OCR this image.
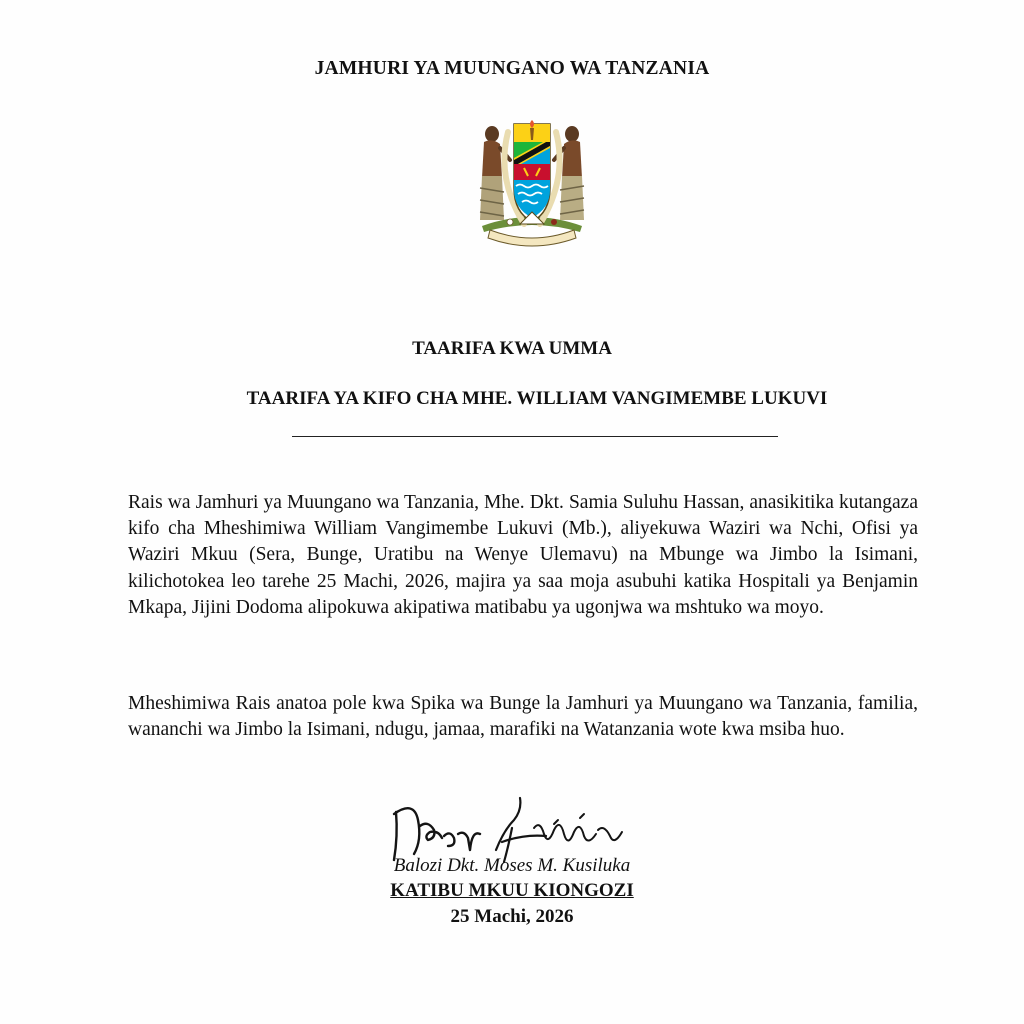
JAMHURI YA MUUNGANO WA TANZANIA
TAARIFA KWA UMMA
TAARIFA YA KIFO CHA MHE. WILLIAM VANGIMEMBE LUKUVI

Rais wa Jamhuri ya Muungano wa Tanzania, Mhe. Dkt. Samia Suluhu Hassan, anasikitika kutangaza kifo cha Mheshimiwa William Vangimembe Lukuvi (Mb.), aliyekuwa Waziri wa Nchi, Ofisi ya Waziri Mkuu (Sera, Bunge, Uratibu na Wenye Ulemavu) na Mbunge wa Jimbo la Isimani, kilichotokea leo tarehe 25 Machi, 2026, majira ya saa moja asubuhi katika Hospitali ya Benjamin Mkapa, Jijini Dodoma alipokuwa akipatiwa matibabu ya ugonjwa wa mshtuko wa moyo.

Mheshimiwa Rais anatoa pole kwa Spika wa Bunge la Jamhuri ya Muungano wa Tanzania, familia, wananchi wa Jimbo la Isimani, ndugu, jamaa, marafiki na Watanzania wote kwa msiba huo.

Balozi Dkt. Moses M. Kusiluka
KATIBU MKUU KIONGOZI
25 Machi, 2026
